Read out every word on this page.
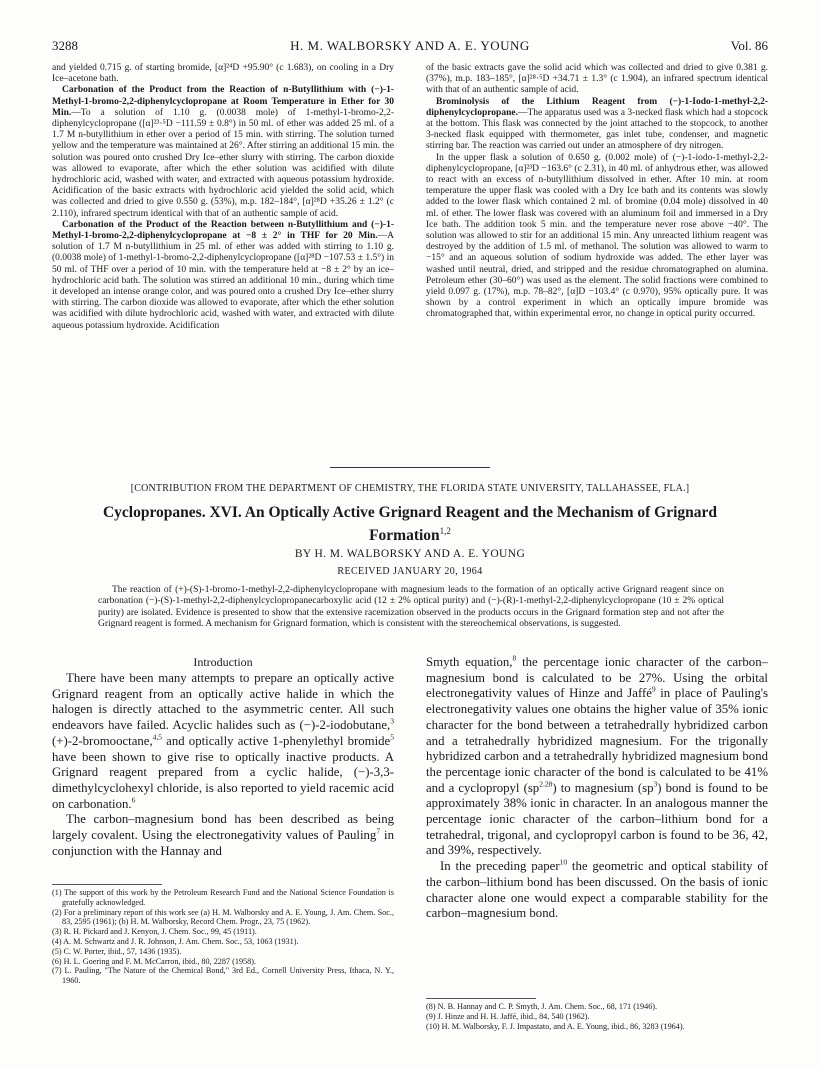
3288	H. M. WALBORSKY AND A. E. YOUNG	Vol. 86

and yielded 0.715 g. of starting bromide, [α]²⁴D +95.90° (c 1.683), on cooling in a Dry Ice–acetone bath.

Carbonation of the Product from the Reaction of n-Butyllithium with (−)-1-Methyl-1-bromo-2,2-diphenylcyclopropane at Room Temperature in Ether for 30 Min.—To a solution of 1.10 g. (0.0038 mole) of 1-methyl-1-bromo-2,2-diphenylcyclopropane ([α]²³·⁵D −111.59 ± 0.8°) in 50 ml. of ether was added 25 ml. of a 1.7 M n-butyllithium in ether over a period of 15 min. with stirring. The solution turned yellow and the temperature was maintained at 26°. After stirring an additional 15 min. the solution was poured onto crushed Dry Ice–ether slurry with stirring. The carbon dioxide was allowed to evaporate, after which the ether solution was acidified with dilute hydrochloric acid, washed with water, and extracted with aqueous potassium hydroxide. Acidification of the basic extracts with hydrochloric acid yielded the solid acid, which was collected and dried to give 0.550 g. (53%), m.p. 182–184°, [α]²⁸D +35.26 ± 1.2° (c 2.110), infrared spectrum identical with that of an authentic sample of acid.

Carbonation of the Product of the Reaction between n-Butyllithium and (−)-1-Methyl-1-bromo-2,2-diphenylcyclopropane at −8 ± 2° in THF for 20 Min.—A solution of 1.7 M n-butyllithium in 25 ml. of ether was added with stirring to 1.10 g. (0.0038 mole) of 1-methyl-1-bromo-2,2-diphenylcyclopropane ([α]²⁸D −107.53 ± 1.5°) in 50 ml. of THF over a period of 10 min. with the temperature held at −8 ± 2° by an ice–hydrochloric acid bath. The solution was stirred an additional 10 min., during which time it developed an intense orange color, and was poured onto a crushed Dry Ice–ether slurry with stirring. The carbon dioxide was allowed to evaporate, after which the ether solution was acidified with dilute hydrochloric acid, washed with water, and extracted with dilute aqueous potassium hydroxide. Acidification

of the basic extracts gave the solid acid which was collected and dried to give 0.381 g. (37%), m.p. 183–185°, [α]²⁸·⁵D +34.71 ± 1.3° (c 1.904), an infrared spectrum identical with that of an authentic sample of acid.

Brominolysis of the Lithium Reagent from (−)-1-Iodo-1-methyl-2,2-diphenylcyclopropane.—The apparatus used was a 3-necked flask which had a stopcock at the bottom. This flask was connected by the joint attached to the stopcock, to another 3-necked flask equipped with thermometer, gas inlet tube, condenser, and magnetic stirring bar. The reaction was carried out under an atmosphere of dry nitrogen.

In the upper flask a solution of 0.650 g. (0.002 mole) of (−)-1-iodo-1-methyl-2,2-diphenylcyclopropane, [α]²³D −163.6° (c 2.31), in 40 ml. of anhydrous ether, was allowed to react with an excess of n-butyllithium dissolved in ether. After 10 min. at room temperature the upper flask was cooled with a Dry Ice bath and its contents was slowly added to the lower flask which contained 2 ml. of bromine (0.04 mole) dissolved in 40 ml. of ether. The lower flask was covered with an aluminum foil and immersed in a Dry Ice bath. The addition took 5 min. and the temperature never rose above −40°. The solution was allowed to stir for an additional 15 min. Any unreacted lithium reagent was destroyed by the addition of 1.5 ml. of methanol. The solution was allowed to warm to −15° and an aqueous solution of sodium hydroxide was added. The ether layer was washed until neutral, dried, and stripped and the residue chromatographed on alumina. Petroleum ether (30–60°) was used as the element. The solid fractions were combined to yield 0.097 g. (17%), m.p. 78–82°, [α]D −103.4° (c 0.970), 95% optically pure. It was shown by a control experiment in which an optically impure bromide was chromatographed that, within experimental error, no change in optical purity occurred.

[CONTRIBUTION FROM THE DEPARTMENT OF CHEMISTRY, THE FLORIDA STATE UNIVERSITY, TALLAHASSEE, FLA.]
Cyclopropanes. XVI. An Optically Active Grignard Reagent and the Mechanism of Grignard Formation$^{1,2}$
BY H. M. WALBORSKY AND A. E. YOUNG
RECEIVED JANUARY 20, 1964
The reaction of (+)-(S)-1-bromo-1-methyl-2,2-diphenylcyclopropane with magnesium leads to the formation of an optically active Grignard reagent since on carbonation (−)-(S)-1-methyl-2,2-diphenylcyclopropanecarboxylic acid (12 ± 2% optical purity) and (−)-(R)-1-methyl-2,2-diphenylcyclopropane (10 ± 2% optical purity) are isolated. Evidence is presented to show that the extensive racemization observed in the products occurs in the Grignard formation step and not after the Grignard reagent is formed. A mechanism for Grignard formation, which is consistent with the stereochemical observations, is suggested.
Introduction

There have been many attempts to prepare an optically active Grignard reagent from an optically active halide in which the halogen is directly attached to the asymmetric center. All such endeavors have failed. Acyclic halides such as (−)-2-iodobutane,$^3$ (+)-2-bromooctane,$^{4,5}$ and optically active 1-phenylethyl bromide$^5$ have been shown to give rise to optically inactive products. A Grignard reagent prepared from a cyclic halide, (−)-3,3-dimethylcyclohexyl chloride, is also reported to yield racemic acid on carbonation.$^6$

The carbon–magnesium bond has been described as being largely covalent. Using the electronegativity values of Pauling$^7$ in conjunction with the Hannay and

Smyth equation,$^8$ the percentage ionic character of the carbon–magnesium bond is calculated to be 27%. Using the orbital electronegativity values of Hinze and Jaffé$^9$ in place of Pauling's electronegativity values one obtains the higher value of 35% ionic character for the bond between a tetrahedrally hybridized carbon and a tetrahedrally hybridized magnesium. For the trigonally hybridized carbon and a tetrahedrally hybridized magnesium bond the percentage ionic character of the bond is calculated to be 41% and a cyclopropyl $(sp^{2.28})$ to magnesium $(sp^3)$ bond is found to be approximately 38% ionic in character. In an analogous manner the percentage ionic character of the carbon–lithium bond for a tetrahedral, trigonal, and cyclopropyl carbon is found to be 36, 42, and 39%, respectively.

In the preceding paper$^{10}$ the geometric and optical stability of the carbon–lithium bond has been discussed. On the basis of ionic character alone one would expect a comparable stability for the carbon–magnesium bond.

(1) The support of this work by the Petroleum Research Fund and the National Science Foundation is gratefully acknowledged.

(2) For a preliminary report of this work see (a) H. M. Walborsky and A. E. Young, J. Am. Chem. Soc., 83, 2595 (1961); (b) H. M. Walborsky, Record Chem. Progr., 23, 75 (1962).

(3) R. H. Pickard and J. Kenyon, J. Chem. Soc., 99, 45 (1911).

(4) A. M. Schwartz and J. R. Johnson, J. Am. Chem. Soc., 53, 1063 (1931).

(5) C. W. Porter, ibid., 57, 1436 (1935).

(6) H. L. Goering and F. M. McCarron, ibid., 80, 2287 (1958).

(7) L. Pauling, "The Nature of the Chemical Bond," 3rd Ed., Cornell University Press, Ithaca, N. Y., 1960.

(8) N. B. Hannay and C. P. Smyth, J. Am. Chem. Soc., 68, 171 (1946).

(9) J. Hinze and H. H. Jaffé, ibid., 84, 540 (1962).

(10) H. M. Walborsky, F. J. Impastato, and A. E. Young, ibid., 86, 3283 (1964).
